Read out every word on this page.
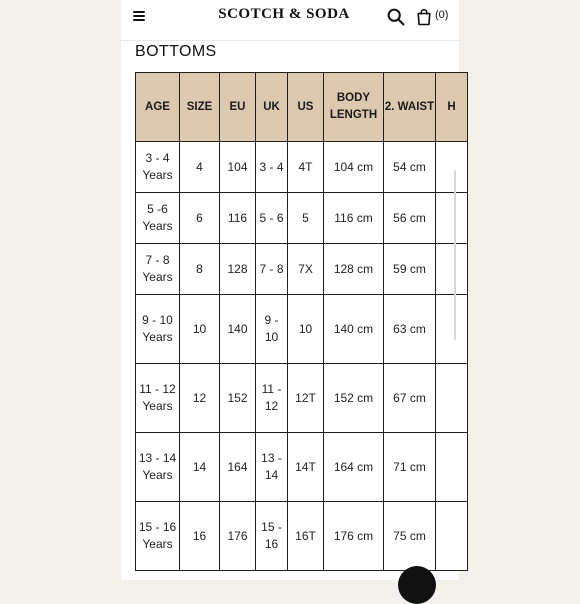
SCOTCH & SODA	(0)
BOTTOMS
AGE	SIZE	EU	UK	US	BODY LENGTH	2. WAIST	H
3 - 4 Years	4	104	3 - 4	4T	104 cm	54 cm	
5 -6 Years	6	116	5 - 6	5	116 cm	56 cm	
7 - 8 Years	8	128	7 - 8	7X	128 cm	59 cm	
9 - 10 Years	10	140	9 - 10	10	140 cm	63 cm	
11 - 12 Years	12	152	11 - 12	12T	152 cm	67 cm	
13 - 14 Years	14	164	13 - 14	14T	164 cm	71 cm	
15 - 16 Years	16	176	15 - 16	16T	176 cm	75 cm	
